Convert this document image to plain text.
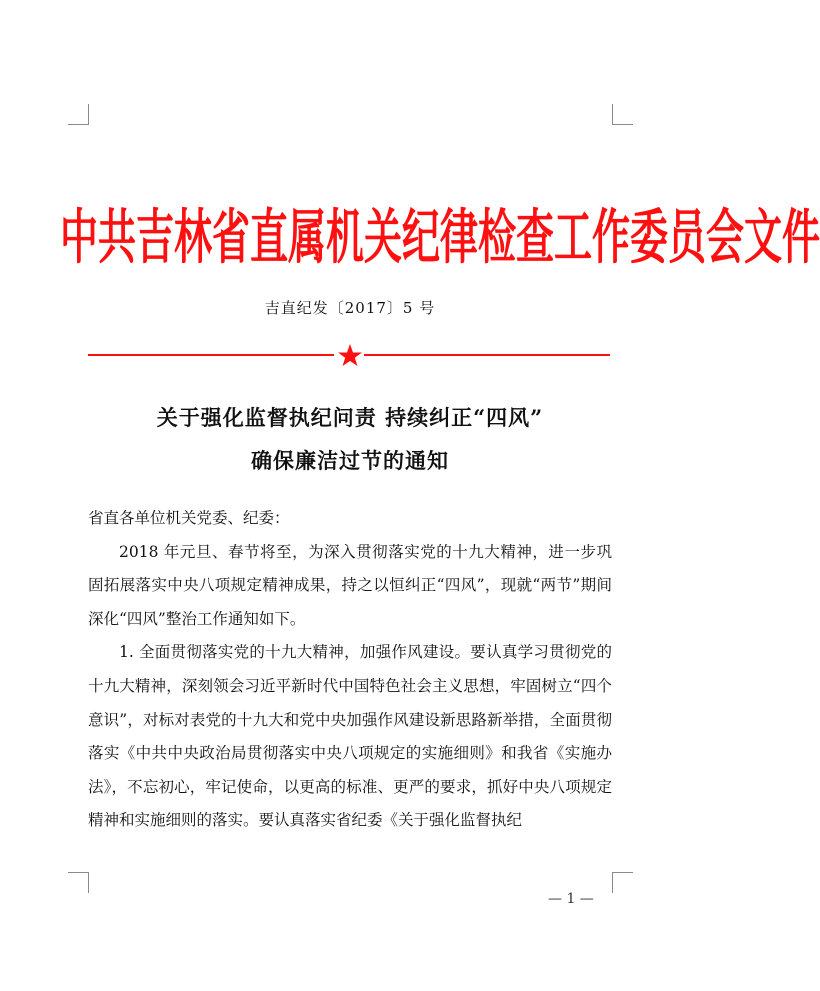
中共吉林省直属机关纪律检查工作委员会文件
吉直纪发〔2017〕5 号
关于强化监督执纪问责 持续纠正“四风”
确保廉洁过节的通知

省直各单位机关党委、纪委：

2018 年元旦、春节将至，为深入贯彻落实党的十九大精神，进一步巩固拓展落实中央八项规定精神成果，持之以恒纠正“四风”，现就“两节”期间深化“四风”整治工作通知如下。

1. 全面贯彻落实党的十九大精神，加强作风建设。要认真学习贯彻党的十九大精神，深刻领会习近平新时代中国特色社会主义思想，牢固树立“四个意识”，对标对表党的十九大和党中央加强作风建设新思路新举措，全面贯彻落实《中共中央政治局贯彻落实中央八项规定的实施细则》和我省《实施办法》，不忘初心，牢记使命，以更高的标准、更严的要求，抓好中央八项规定精神和实施细则的落实。要认真落实省纪委《关于强化监督执纪

— 1 —
